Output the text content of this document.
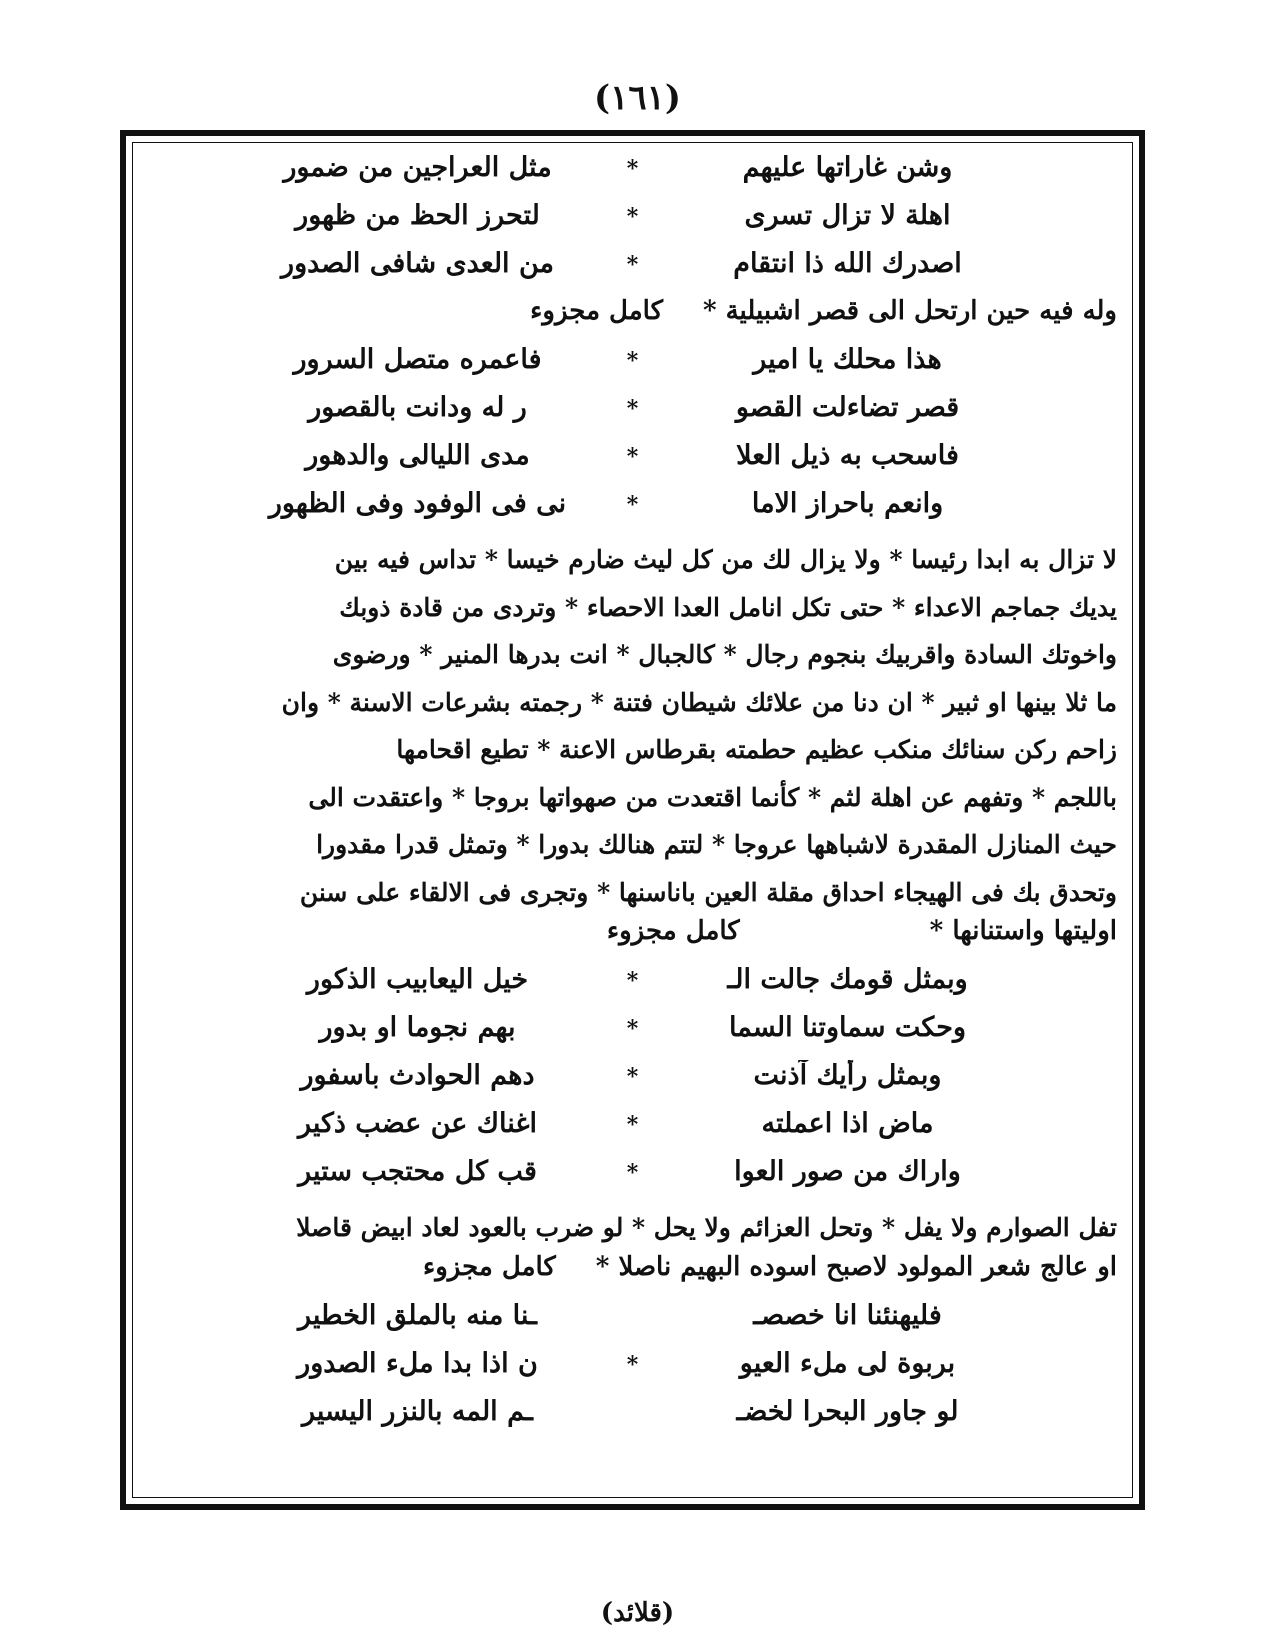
(١٦١)
وشن غاراتها عليهم
*
مثل العراجين من ضمور
اهلة لا تزال تسرى
*
لتحرز الحظ من ظهور
اصدرك الله ذا انتقام
*
من العدى شافى الصدور
وله فيه حين ارتحل الى قصر اشبيلية *
كامل مجزوء
هذا محلك يا امير
*
فاعمره متصل السرور
قصر تضاءلت القصو
*
ر له ودانت بالقصور
فاسحب به ذيل العلا
*
مدى الليالى والدهور
وانعم باحراز الاما
*
نى فى الوفود وفى الظهور

لا تزال به ابدا رئيسا * ولا يزال لك من كل ليث ضارم خيسا * تداس فيه بين

يديك جماجم الاعداء * حتى تكل انامل العدا الاحصاء * وتردى من قادة ذوبك

واخوتك السادة واقربيك بنجوم رجال * كالجبال * انت بدرها المنير * ورضوى

ما ثلا بينها او ثبير * ان دنا من علائك شيطان فتنة * رجمته بشرعات الاسنة * وان

زاحم ركن سنائك منكب عظيم حطمته بقرطاس الاعنة * تطيع اقحامها

باللجم * وتفهم عن اهلة لثم * كأنما اقتعدت من صهواتها بروجا * واعتقدت الى

حيث المنازل المقدرة لاشباهها عروجا * لتتم هنالك بدورا * وتمثل قدرا مقدورا

وتحدق بك فى الهيجاء احداق مقلة العين باناسنها * وتجرى فى الالقاء على سنن

اوليتها واستنانها *
كامل مجزوء
وبمثل قومك جالت الـ
*
خيل اليعابيب الذكور
وحكت سماوتنا السما
*
بهم نجوما او بدور
وبمثل رأيك آذنت
*
دهم الحوادث باسفور
ماض اذا اعملته
*
اغناك عن عضب ذكير
واراك من صور العوا
*
قب كل محتجب ستير

تفل الصوارم ولا يفل * وتحل العزائم ولا يحل * لو ضرب بالعود لعاد ابيض قاصلا

او عالج شعر المولود لاصبح اسوده البهيم ناصلا *
كامل مجزوء
فليهنئنا انا خصصـ
ـنا منه بالملق الخطير
بربوة لى ملء العيو
*
ن اذا بدا ملء الصدور
لو جاور البحرا لخضـ
ـم المه بالنزر اليسير
(قلائد)
